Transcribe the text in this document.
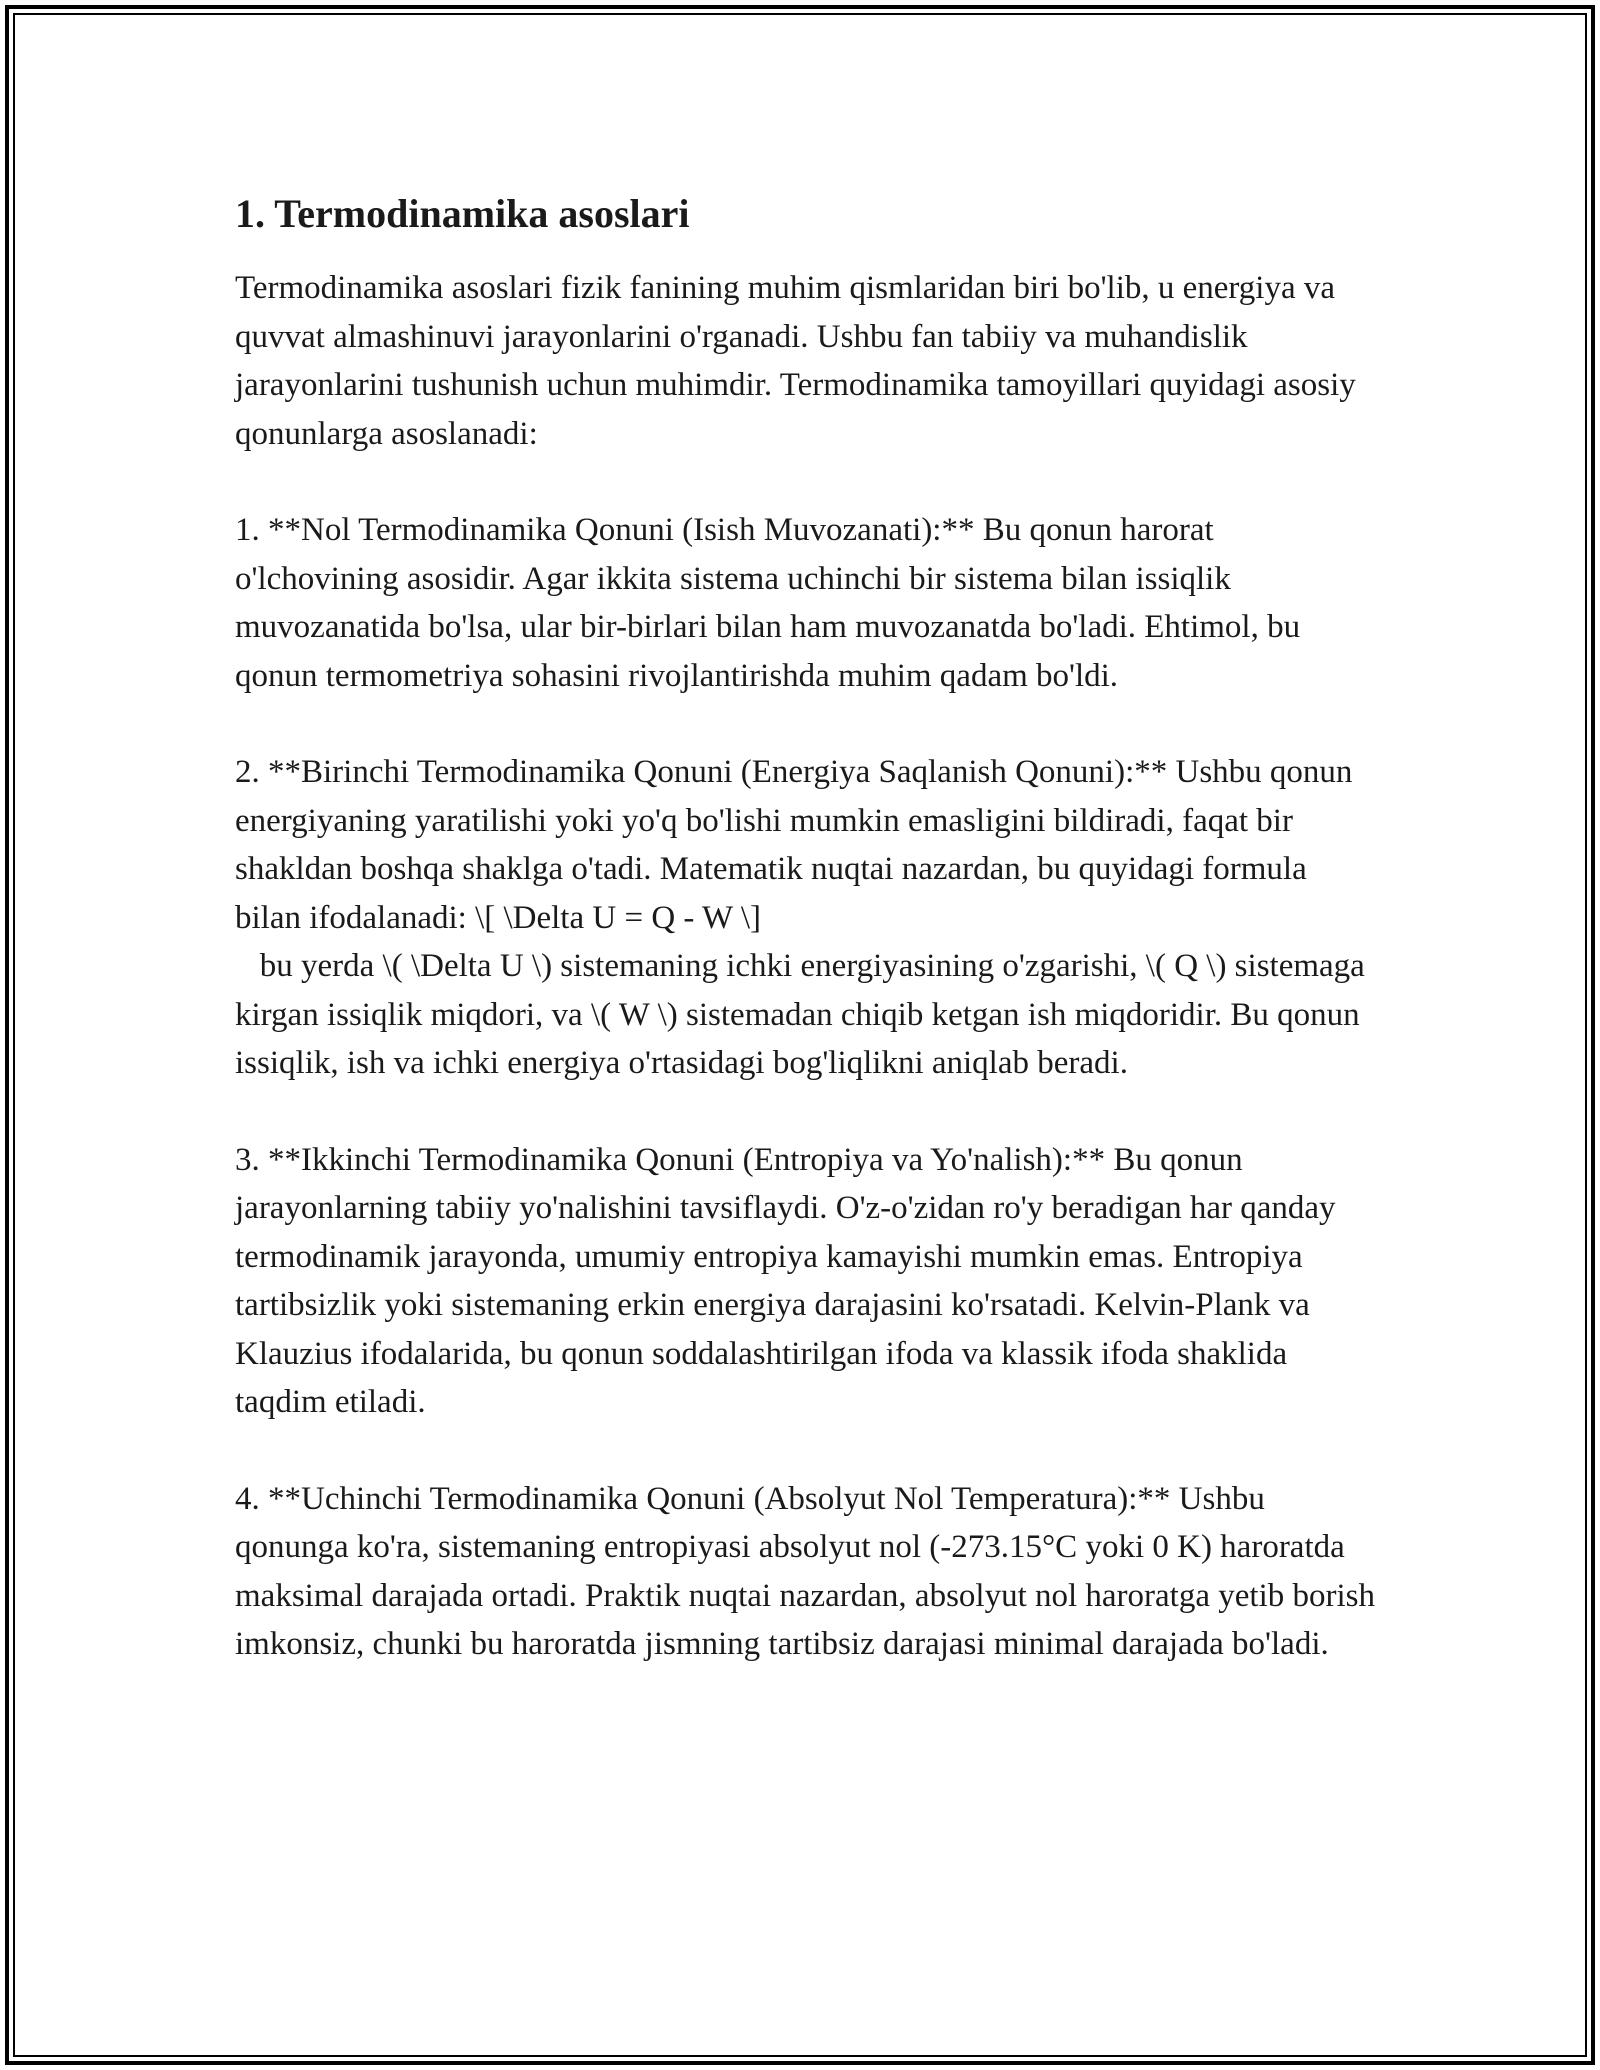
1. Termodinamika asoslari

Termodinamika asoslari fizik fanining muhim qismlaridan biri bo'lib, u energiya va quvvat almashinuvi jarayonlarini o'rganadi. Ushbu fan tabiiy va muhandislik jarayonlarini tushunish uchun muhimdir. Termodinamika tamoyillari quyidagi asosiy qonunlarga asoslanadi:

1. **Nol Termodinamika Qonuni (Isish Muvozanati):** Bu qonun harorat o'lchovining asosidir. Agar ikkita sistema uchinchi bir sistema bilan issiqlik muvozanatida bo'lsa, ular bir-birlari bilan ham muvozanatda bo'ladi. Ehtimol, bu qonun termometriya sohasini rivojlantirishda muhim qadam bo'ldi.

2. **Birinchi Termodinamika Qonuni (Energiya Saqlanish Qonuni):** Ushbu qonun energiyaning yaratilishi yoki yo'q bo'lishi mumkin emasligini bildiradi, faqat bir shakldan boshqa shaklga o'tadi. Matematik nuqtai nazardan, bu quyidagi formula bilan ifodalanadi: \[ \Delta U = Q - W \]
bu yerda \( \Delta U \) sistemaning ichki energiyasining o'zgarishi, \( Q \) sistemaga kirgan issiqlik miqdori, va \( W \) sistemadan chiqib ketgan ish miqdoridir. Bu qonun issiqlik, ish va ichki energiya o'rtasidagi bog'liqlikni aniqlab beradi.

3. **Ikkinchi Termodinamika Qonuni (Entropiya va Yo'nalish):** Bu qonun jarayonlarning tabiiy yo'nalishini tavsiflaydi. O'z-o'zidan ro'y beradigan har qanday termodinamik jarayonda, umumiy entropiya kamayishi mumkin emas. Entropiya tartibsizlik yoki sistemaning erkin energiya darajasini ko'rsatadi. Kelvin-Plank va Klauzius ifodalarida, bu qonun soddalashtirilgan ifoda va klassik ifoda shaklida taqdim etiladi.

4. **Uchinchi Termodinamika Qonuni (Absolyut Nol Temperatura):** Ushbu qonunga ko'ra, sistemaning entropiyasi absolyut nol (-273.15°C yoki 0 K) haroratda maksimal darajada ortadi. Praktik nuqtai nazardan, absolyut nol haroratga yetib borish imkonsiz, chunki bu haroratda jismning tartibsiz darajasi minimal darajada bo'ladi.
